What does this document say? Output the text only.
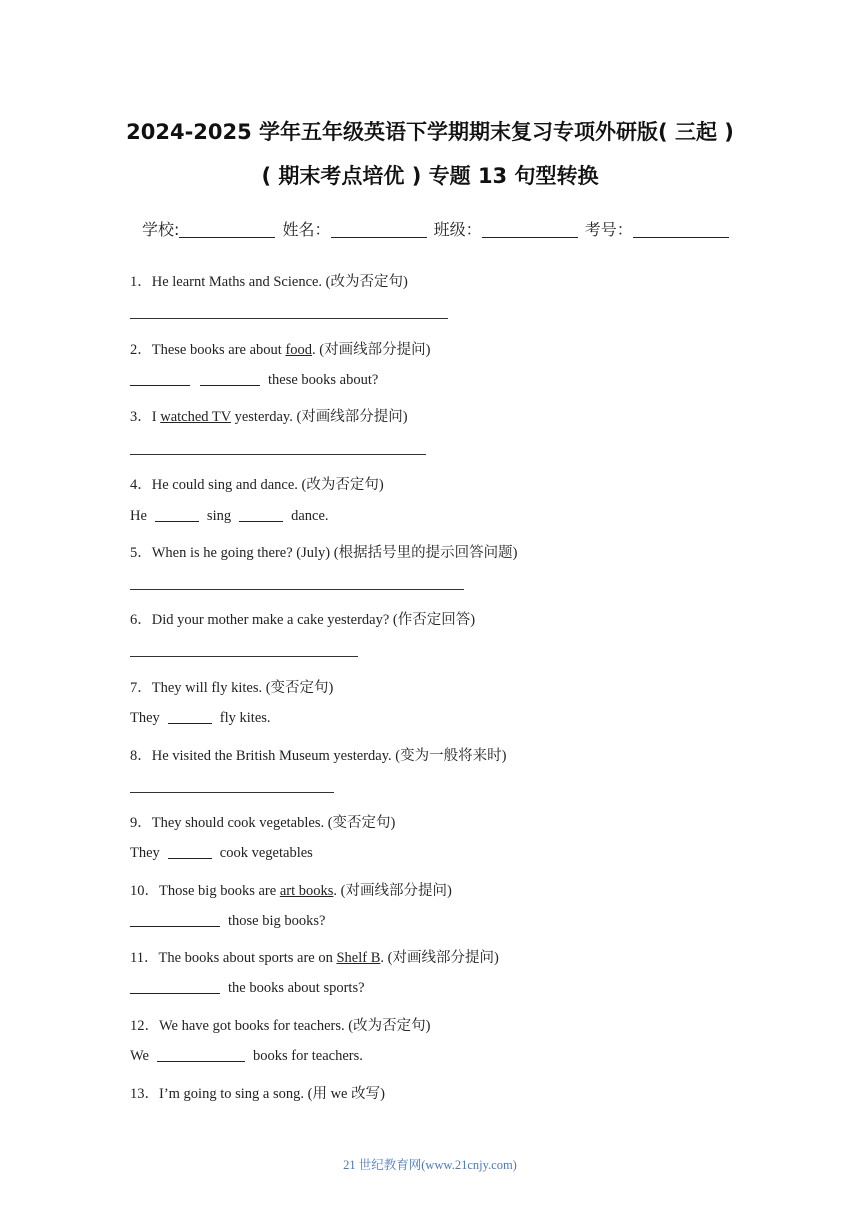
2024-2025 学年五年级英语下学期期末复习专项外研版( 三起 )
( 期末考点培优 ) 专题 13 句型转换
学校:	姓名：	班级：	考号：
1．He learnt Maths and Science. (改为否定句)
2．These books are about food. (对画线部分提问)
these books about?
3．I watched TV yesterday. (对画线部分提问)
4．He could sing and dance. (改为否定句)
He	sing	dance.
5．When is he going there? (July) (根据括号里的提示回答问题)
6．Did your mother make a cake yesterday? (作否定回答)
7．They will fly kites. (变否定句)
They	fly kites.
8．He visited the British Museum yesterday. (变为一般将来时)
9．They should cook vegetables. (变否定句)
They	cook vegetables
10．Those big books are art books. (对画线部分提问)
those big books?
11．The books about sports are on Shelf B. (对画线部分提问)
the books about sports?
12．We have got books for teachers. (改为否定句)
We	books for teachers.
13．I’m going to sing a song. (用 we 改写)
21 世纪教育网(www.21cnjy.com)
